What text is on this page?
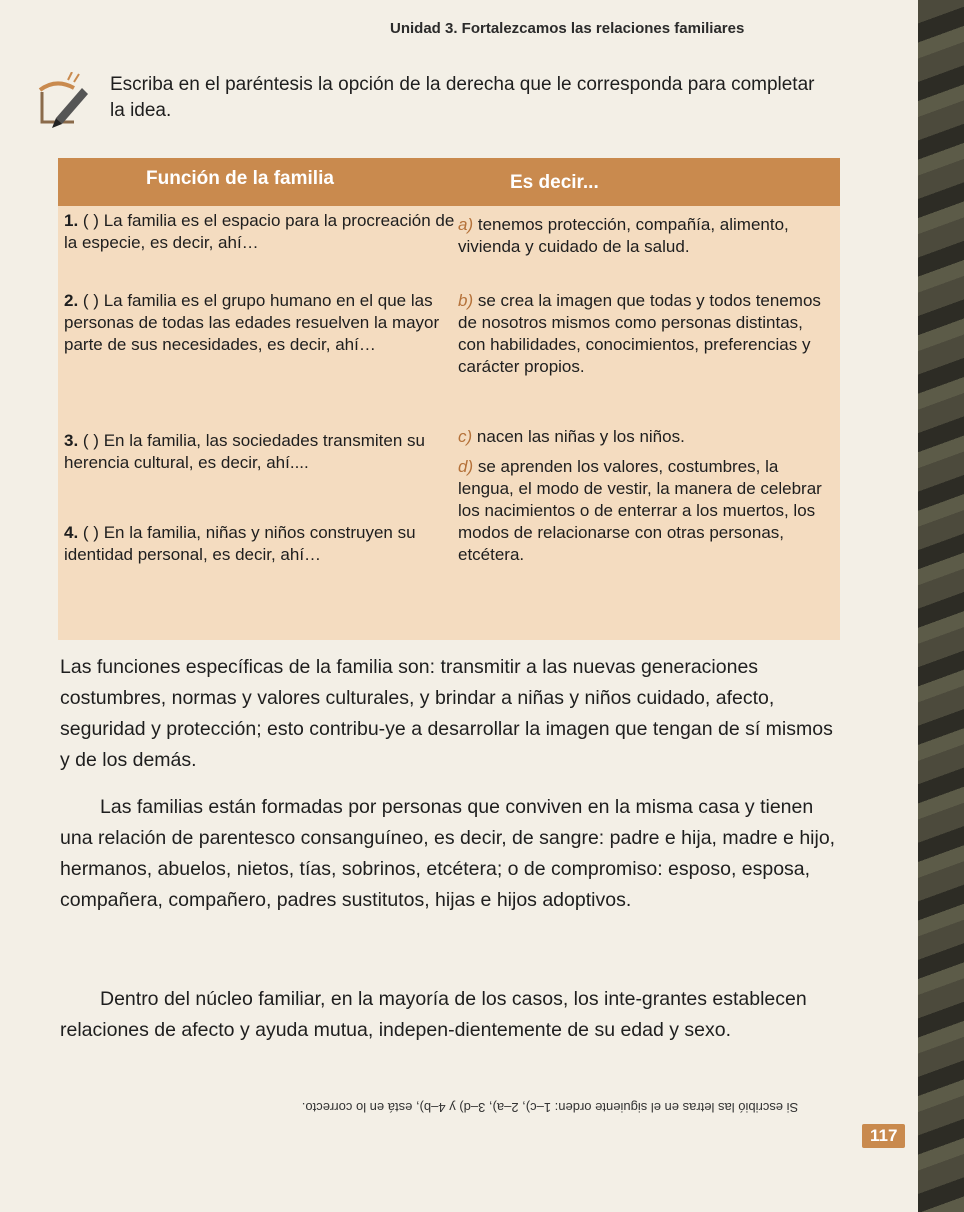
Unidad 3. Fortalezcamos las relaciones familiares
Escriba en el paréntesis la opción de la derecha que le corresponda para completar la idea.
Función de la familia	Es decir...
1. ( ) La familia es el espacio para la procreación de la especie, es decir, ahí…
2. ( ) La familia es el grupo humano en el que las personas de todas las edades resuelven la mayor parte de sus necesidades, es decir, ahí…
3. ( ) En la familia, las sociedades transmiten su herencia cultural, es decir, ahí....
4. ( ) En la familia, niñas y niños construyen su identidad personal, es decir, ahí…
a) tenemos protección, compañía, alimento, vivienda y cuidado de la salud.
b) se crea la imagen que todas y todos tenemos de nosotros mismos como personas distintas, con habilidades, conocimientos, preferencias y carácter propios.
c) nacen las niñas y los niños.
d) se aprenden los valores, costumbres, la lengua, el modo de vestir, la manera de celebrar los nacimientos o de enterrar a los muertos, los modos de relacionarse con otras personas, etcétera.

Las funciones específicas de la familia son: transmitir a las nuevas generaciones costumbres, normas y valores culturales, y brindar a niñas y niños cuidado, afecto, seguridad y protección; esto contribu-ye a desarrollar la imagen que tengan de sí mismos y de los demás.

Las familias están formadas por personas que conviven en la misma casa y tienen una relación de parentesco consanguíneo, es decir, de sangre: padre e hija, madre e hijo, hermanos, abuelos, nietos, tías, sobrinos, etcétera; o de compromiso: esposo, esposa, compañera, compañero, padres sustitutos, hijas e hijos adoptivos.

Dentro del núcleo familiar, en la mayoría de los casos, los inte-grantes establecen relaciones de afecto y ayuda mutua, indepen-dientemente de su edad y sexo.

Si escribió las letras en el siguiente orden: 1–c), 2–a), 3–d) y 4–b), está en lo correcto.
117
